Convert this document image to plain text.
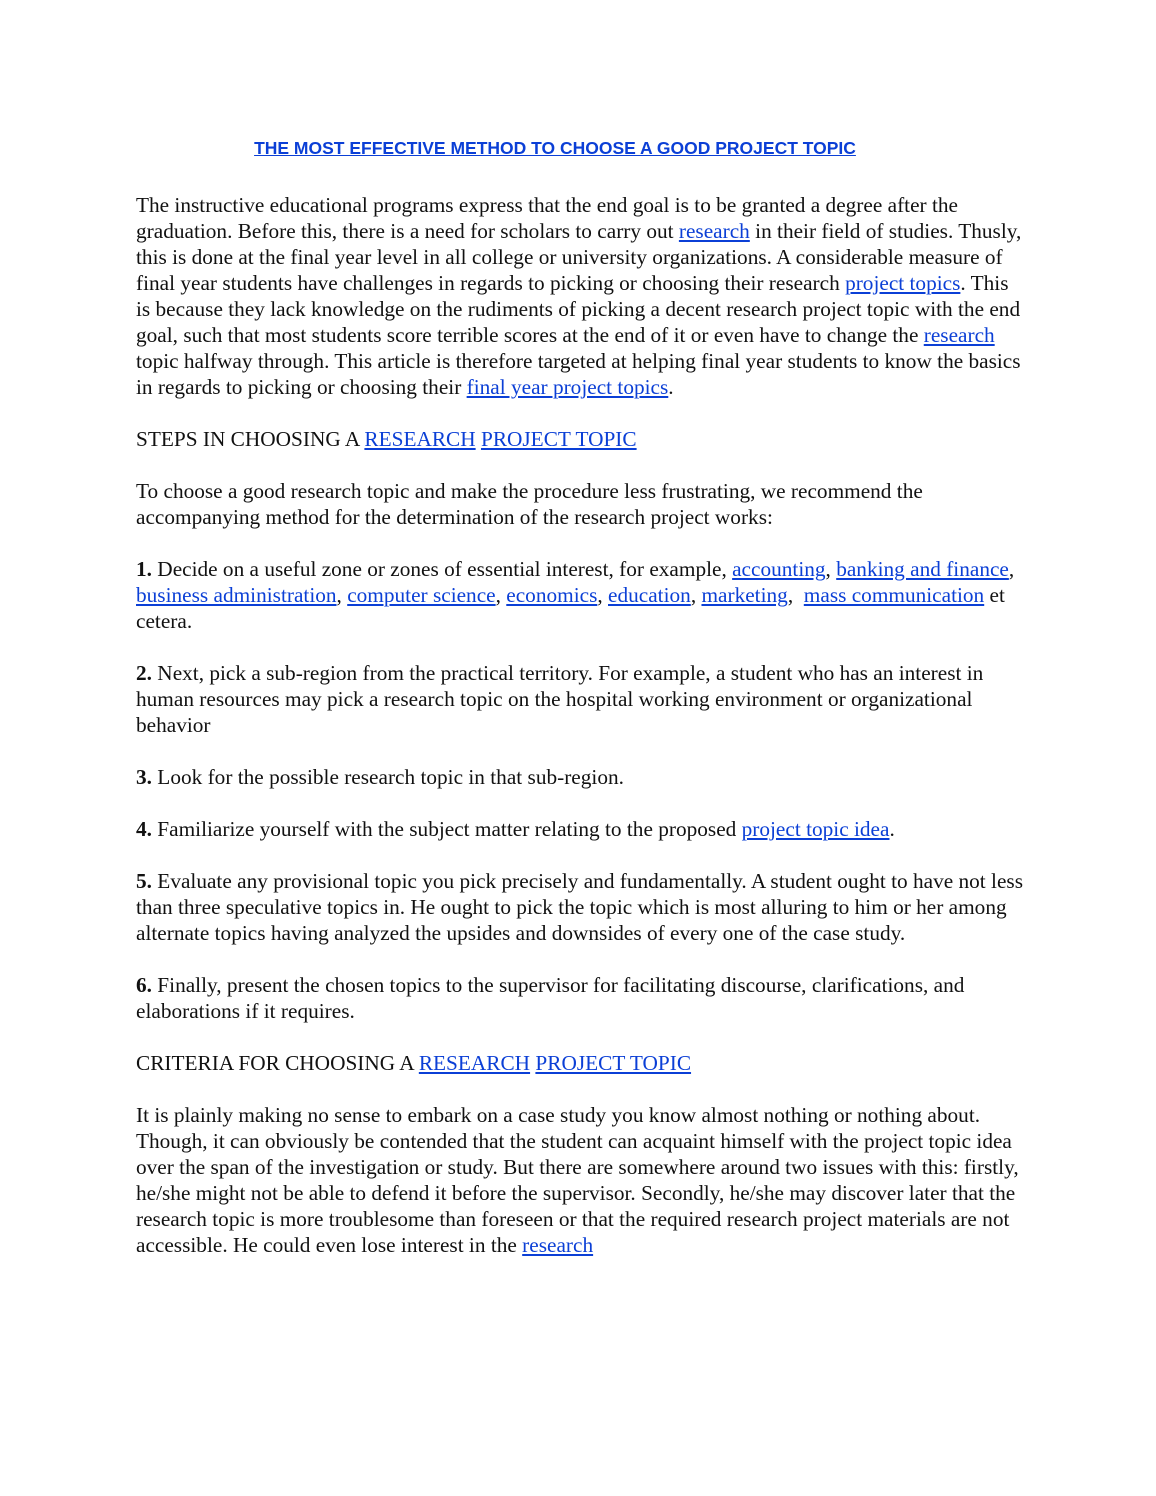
THE MOST EFFECTIVE METHOD TO CHOOSE A GOOD PROJECT TOPIC

The instructive educational programs express that the end goal is to be granted a degree after the graduation. Before this, there is a need for scholars to carry out research in their field of studies. Thusly, this is done at the final year level in all college or university organizations. A considerable measure of final year students have challenges in regards to picking or choosing their research project topics. This is because they lack knowledge on the rudiments of picking a decent research project topic with the end goal, such that most students score terrible scores at the end of it or even have to change the research topic halfway through. This article is therefore targeted at helping final year students to know the basics in regards to picking or choosing their final year project topics.

STEPS IN CHOOSING A RESEARCH PROJECT TOPIC

To choose a good research topic and make the procedure less frustrating, we recommend the accompanying method for the determination of the research project works:

1. Decide on a useful zone or zones of essential interest, for example, accounting, banking and finance, business administration, computer science, economics, education, marketing,  mass communication et cetera.

2. Next, pick a sub-region from the practical territory. For example, a student who has an interest in human resources may pick a research topic on the hospital working environment or organizational behavior

3. Look for the possible research topic in that sub-region.

4. Familiarize yourself with the subject matter relating to the proposed project topic idea.

5. Evaluate any provisional topic you pick precisely and fundamentally. A student ought to have not less than three speculative topics in. He ought to pick the topic which is most alluring to him or her among alternate topics having analyzed the upsides and downsides of every one of the case study.

6. Finally, present the chosen topics to the supervisor for facilitating discourse, clarifications, and elaborations if it requires.

CRITERIA FOR CHOOSING A RESEARCH PROJECT TOPIC

It is plainly making no sense to embark on a case study you know almost nothing or nothing about. Though, it can obviously be contended that the student can acquaint himself with the project topic idea over the span of the investigation or study. But there are somewhere around two issues with this: firstly, he/she might not be able to defend it before the supervisor. Secondly, he/she may discover later that the research topic is more troublesome than foreseen or that the required research project materials are not accessible. He could even lose interest in the research
